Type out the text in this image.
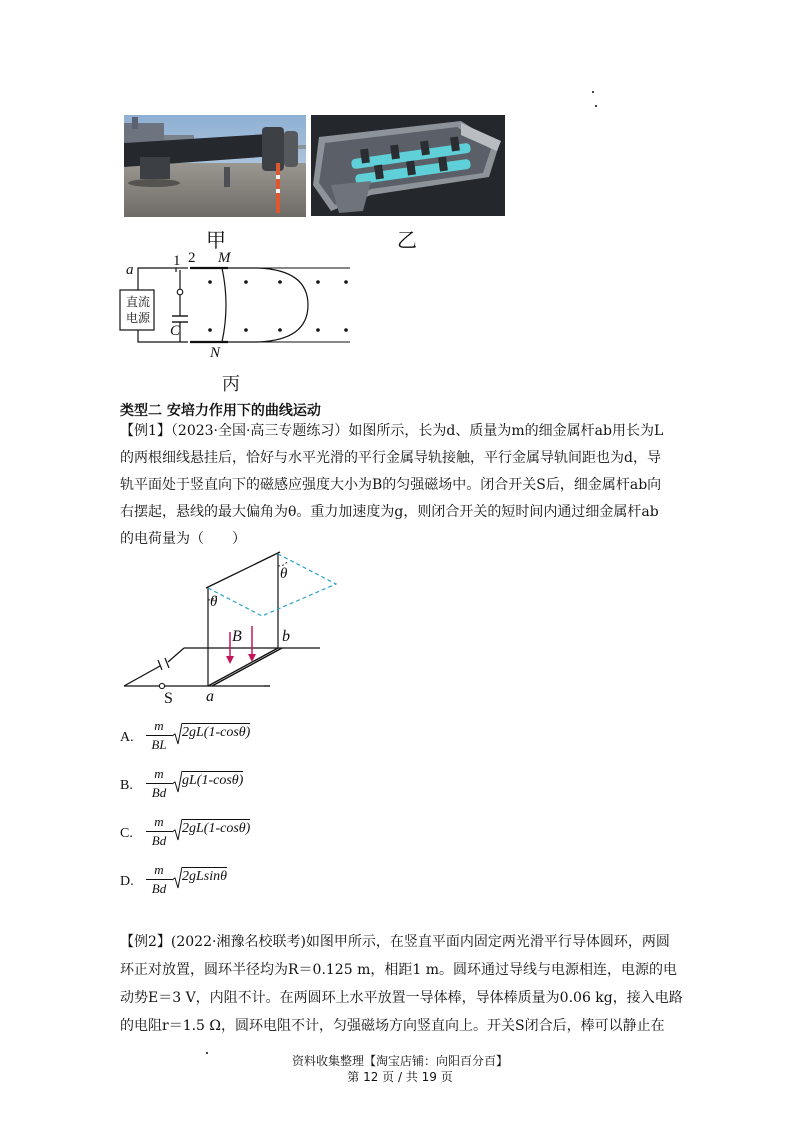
甲	乙
a
1 2 M
C
N
直流
电源
丙
类型二 安培力作用下的曲线运动
【例1】（2023·全国·高三专题练习）如图所示，长为d、质量为m的细金属杆ab用长为L
的两根细线悬挂后，恰好与水平光滑的平行金属导轨接触，平行金属导轨间距也为d，导
轨平面处于竖直向下的磁感应强度大小为B的匀强磁场中。闭合开关S后，细金属杆ab向
右摆起，悬线的最大偏角为θ。重力加速度为g，则闭合开关的短时间内通过细金属杆ab
的电荷量为（　　）
θ
θ
B	b
a
S
A.
m
BL
2gL(1-cosθ)
B.
m
Bd
gL(1-cosθ)
C.
m
Bd
2gL(1-cosθ)
D.
m
Bd
2gLsinθ
【例2】(2022·湘豫名校联考)如图甲所示，在竖直平面内固定两光滑平行导体圆环，两圆
环正对放置，圆环半径均为R＝0.125 m，相距1 m。圆环通过导线与电源相连，电源的电
动势E＝3 V，内阻不计。在两圆环上水平放置一导体棒，导体棒质量为0.06 kg，接入电路
的电阻r＝1.5 Ω，圆环电阻不计，匀强磁场方向竖直向上。开关S闭合后，棒可以静止在
资料收集整理【淘宝店铺：向阳百分百】
第 12 页 / 共 19 页
